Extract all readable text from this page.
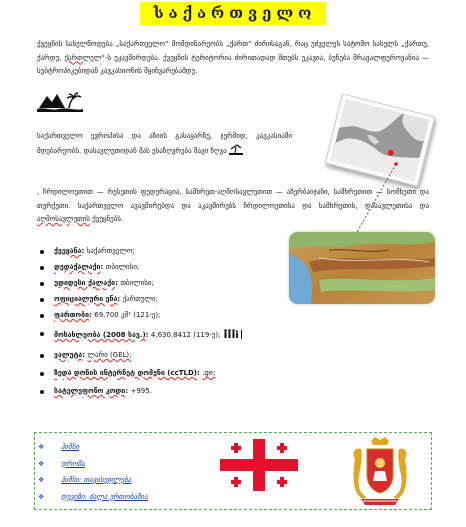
საქართველო

ქვეყნის სახელწოდება „საქართველო“ მომდინარეობს „ქართ“ ძირისაგან, რაც უძველეს სატომო სახელს „ქართუ, ქარდუ, ქართლელ“-ს უკავშირდება. ქვეყნის ტერიტორია ძირითადად მთებს უკავია, ბუნება მრავალფეროვანია — სუბტროპიკებიდან კავკასიონის მყინვარებამდე.

საქართველო ევროპისა და აზიის გასაყარზე, ჯერმიდ, კავკასიაში მდებარეობს. დასავლეთიდან მას ესაზღვრება შავი ზღვა

, ჩრდილოეთით — რუსეთის ფედერაცია, სამხრეთ-აღმოსავლეთით — აზერბაიჯანი, სამხრეთით — სომხეთი და თურქეთი. საქართველო ავავშირებდა და აკავშირებს ჩრდილოეთისა და სამხრეთის, დასავლეთისა და აღმოსავლეთის ქვეყნებს.

ქვეყანა: საქართველო;
დედაქალაქი: თბილისი;
უდიდესი ქალაქი: თბილისი;
ოფიციალური ენა: ქართული;
ფართობი: 69,700 კმ² (121-ე);
მოსახლეობა (2008 სავ.): 4,630,8412 (119-ე);
ვალუტა: ლარი (GEL);
ზედა დონის ინტერნეტ დომენი (ccTLD): .ge;
სატელეფონო კოდი: +995.
❖	ჰიმნი
❖	დროშა
❖	ჰიმნი: თავისუფლება
❖	დევიზი: ძალა ერთობაშია
